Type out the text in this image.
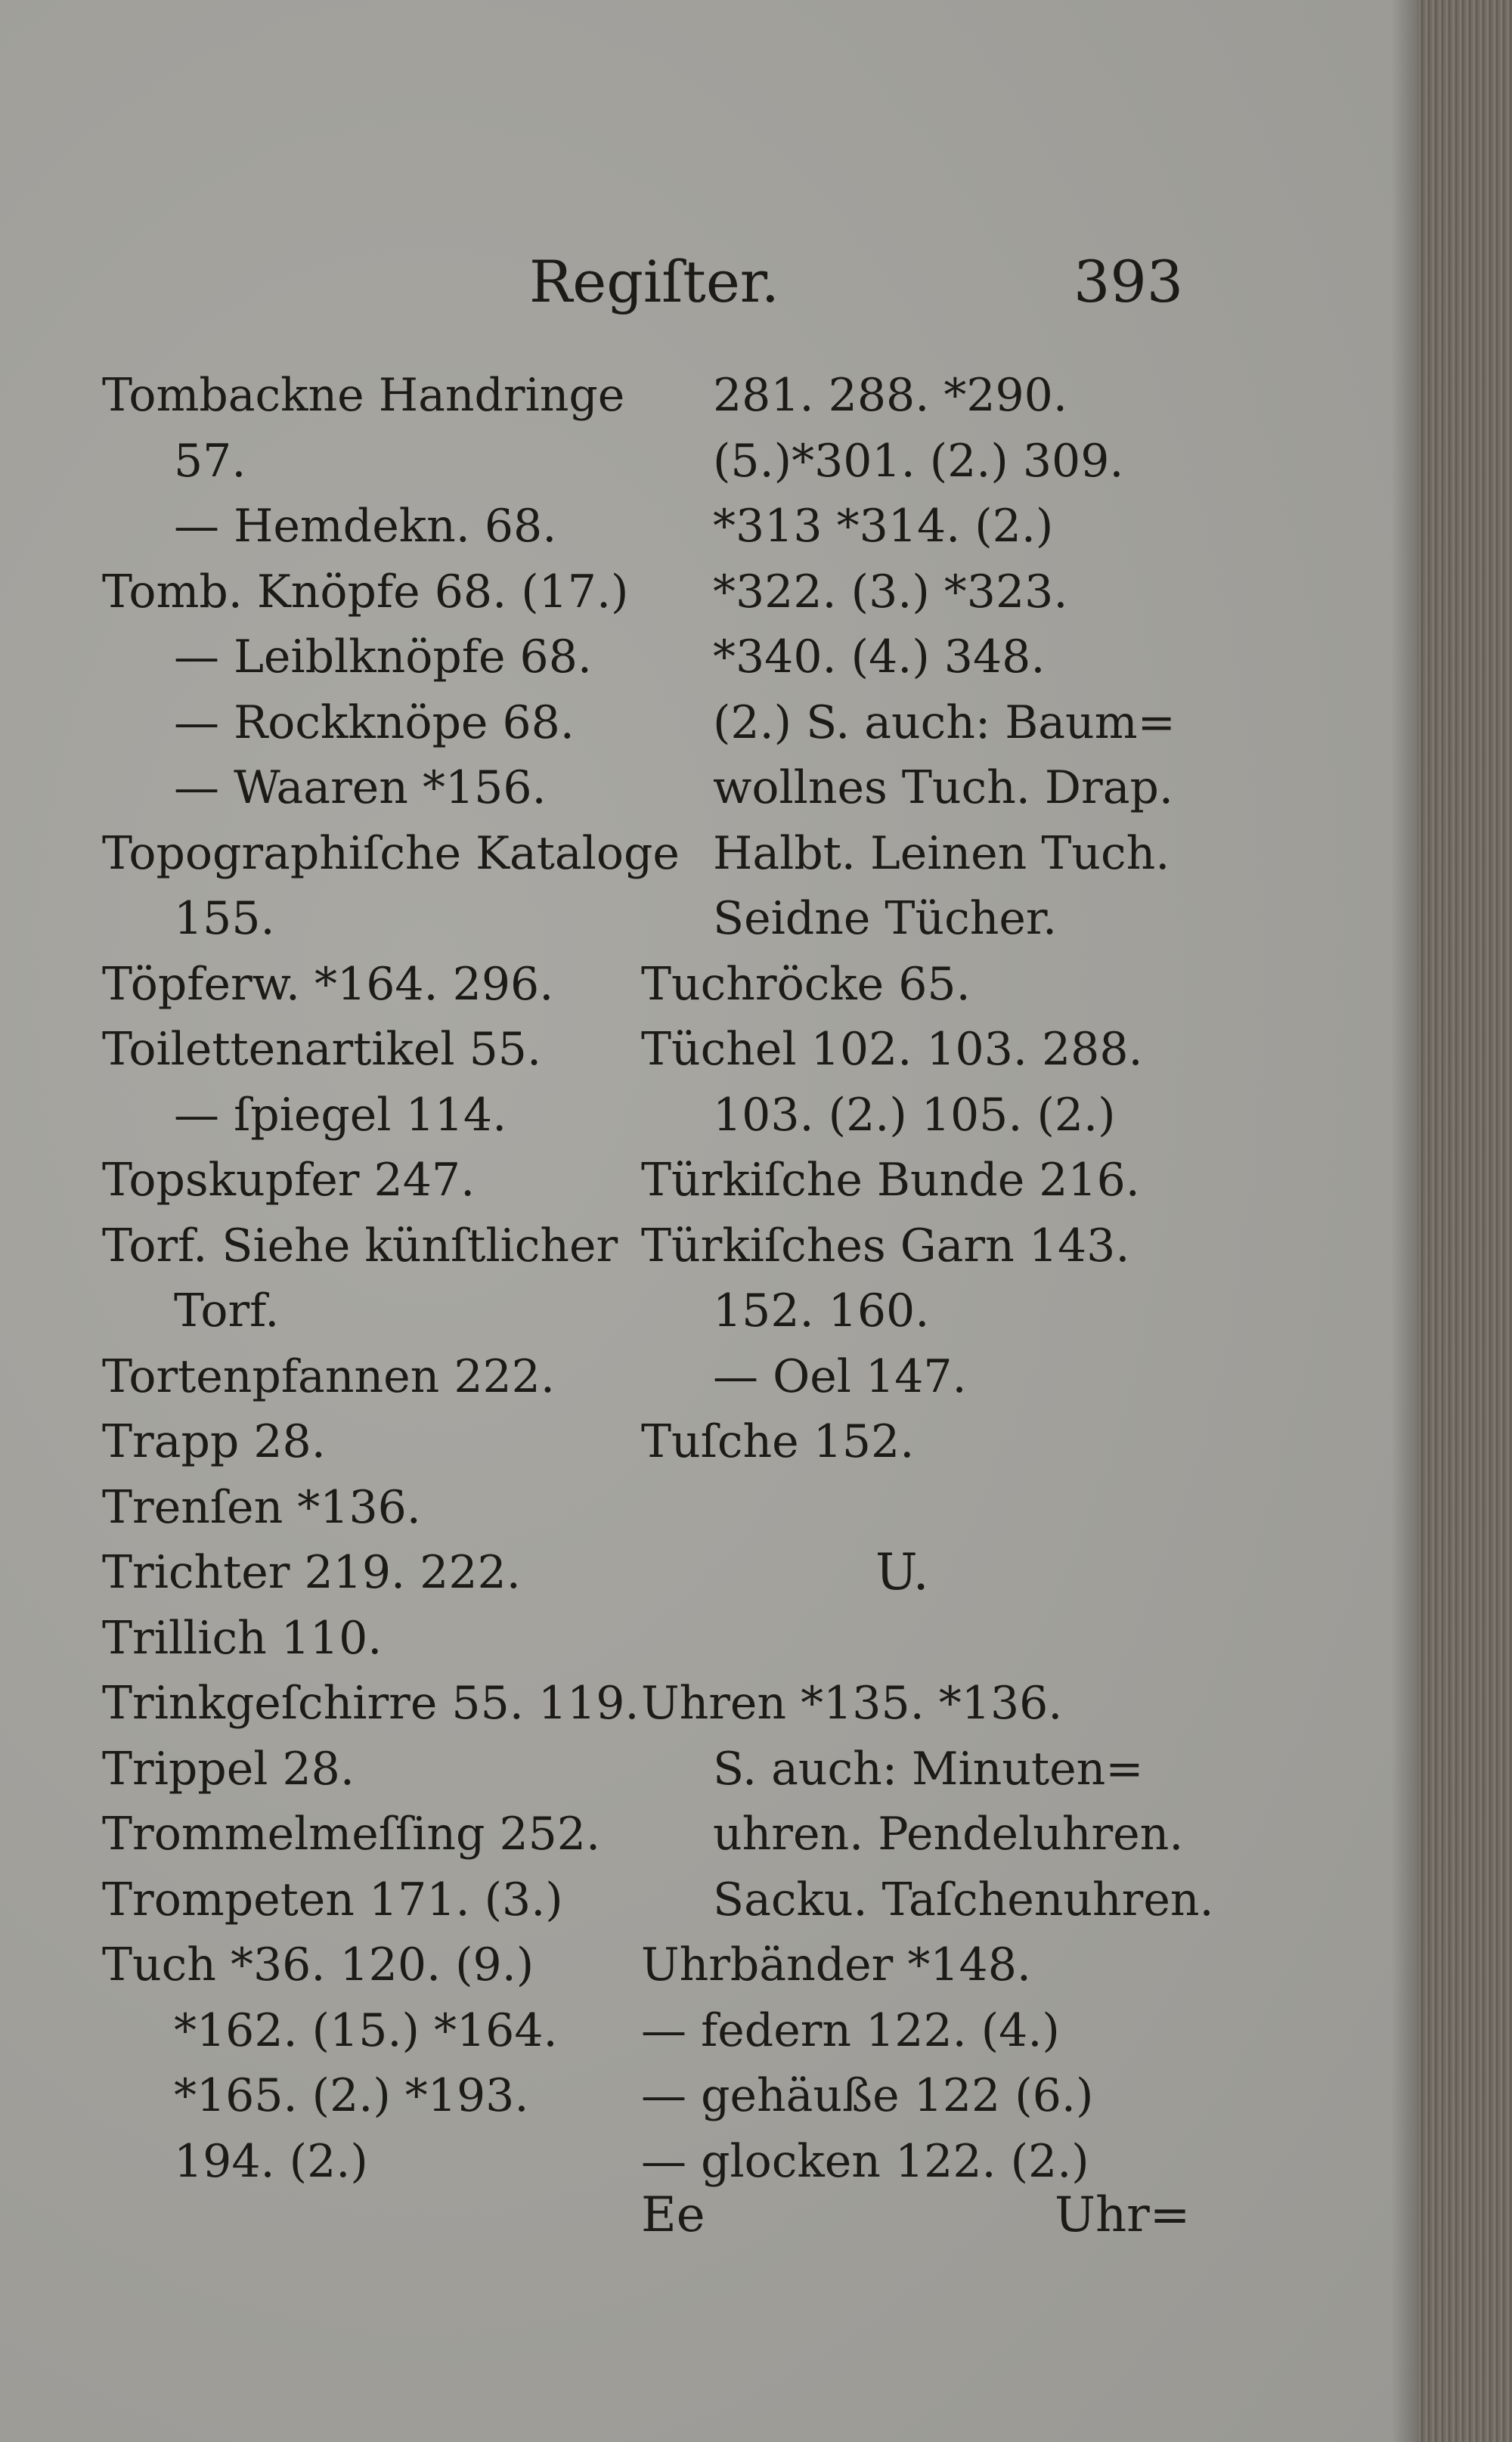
Regiſter.	393
Tombackne Handringe
57.
— Hemdekn. 68.
Tomb. Knöpfe 68. (17.)
— Leiblknöpfe 68.
— Rockknöpe 68.
— Waaren *156.
Topographiſche Kataloge
155.
Töpferw. *164. 296.
Toilettenartikel 55.
— ſpiegel 114.
Topskupfer 247.
Torf. Siehe künſtlicher
Torf.
Tortenpfannen 222.
Trapp 28.
Trenſen *136.
Trichter 219. 222.
Trillich 110.
Trinkgeſchirre 55. 119.
Trippel 28.
Trommelmeſſing 252.
Trompeten 171. (3.)
Tuch *36. 120. (9.)
*162. (15.) *164.
*165. (2.) *193.
194. (2.)
281. 288. *290.
(5.)*301. (2.) 309.
*313 *314. (2.)
*322. (3.) *323.
*340. (4.) 348.
(2.) S. auch: Baum=
wollnes Tuch. Drap.
Halbt. Leinen Tuch.
Seidne Tücher.
Tuchröcke 65.
Tüchel 102. 103. 288.
103. (2.) 105. (2.)
Türkiſche Bunde 216.
Türkiſches Garn 143.
152. 160.
— Oel 147.
Tuſche 152.
U.
Uhren *135. *136.
S. auch: Minuten=
uhren. Pendeluhren.
Sacku. Taſchenuhren.
Uhrbänder *148.
— federn 122. (4.)
— gehäuße 122 (6.)
— glocken 122. (2.)
Ee	Uhr=
